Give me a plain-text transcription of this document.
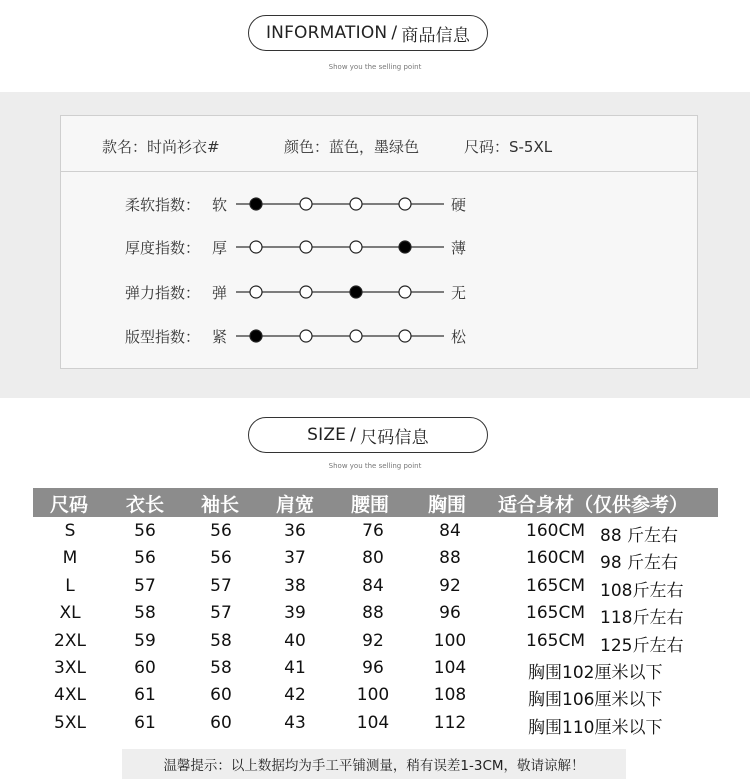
INFORMATION / 商品信息
Show you the selling point
款名：时尚衫衣#	颜色：蓝色，墨绿色	尺码：S-5XL
柔软指数： 软	硬
厚度指数： 厚	薄
弹力指数： 弹	无
版型指数： 紧	松
SIZE / 尺码信息
Show you the selling point
尺码 衣长 袖长 肩宽 腰围 胸围 适合身材（仅供参考）
S	56	56	36	76	84	160CM 88 斤左右
M	56	56	37	80	88	160CM 98 斤左右
L	57	57	38	84	92	165CM 108斤左右
XL	58	57	39	88	96	165CM 118斤左右
2XL	59	58	40	92	100	165CM 125斤左右
3XL	60	58	41	96	104	胸围102厘米以下
4XL	61	60	42	100	108	胸围106厘米以下
5XL	61	60	43	104	112	胸围110厘米以下
温馨提示：以上数据均为手工平铺测量，稍有误差1-3CM，敬请谅解！
